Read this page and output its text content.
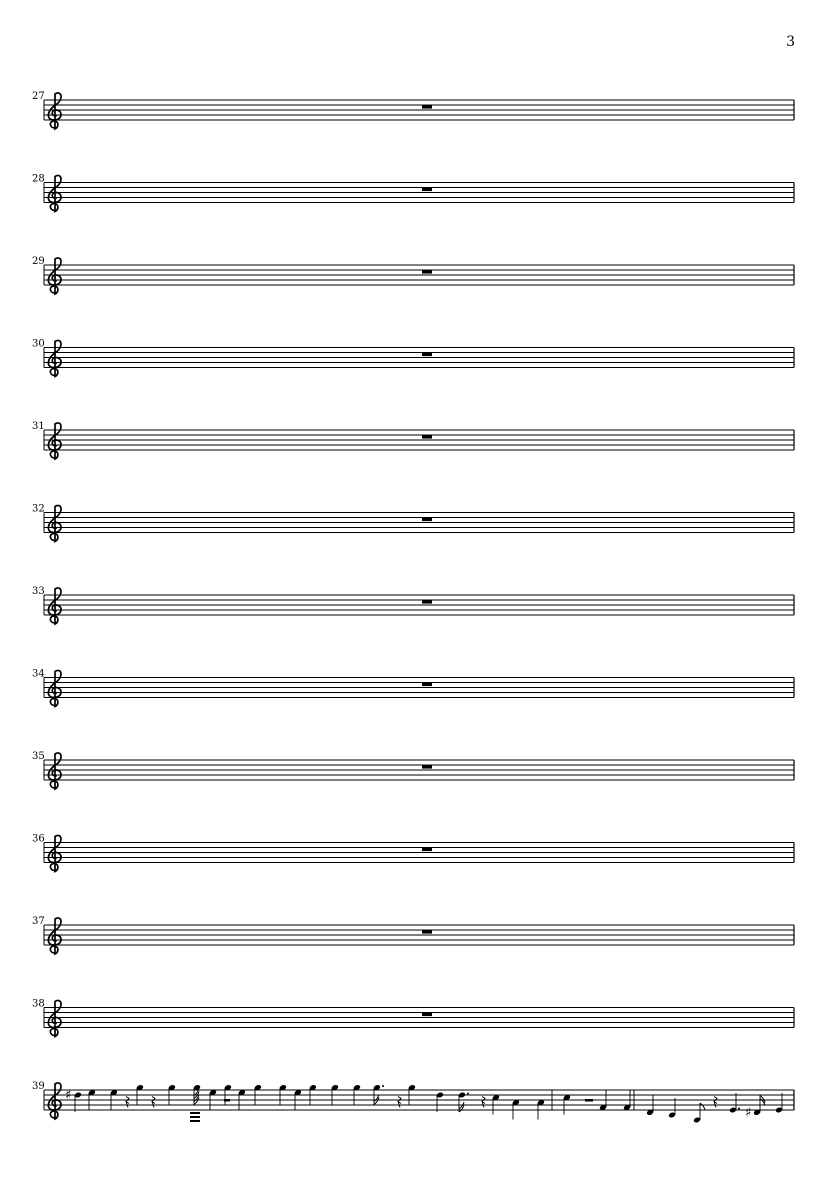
3
27
28
29
30
31
32
33
34
35
36
37
38
39
♯
♯
